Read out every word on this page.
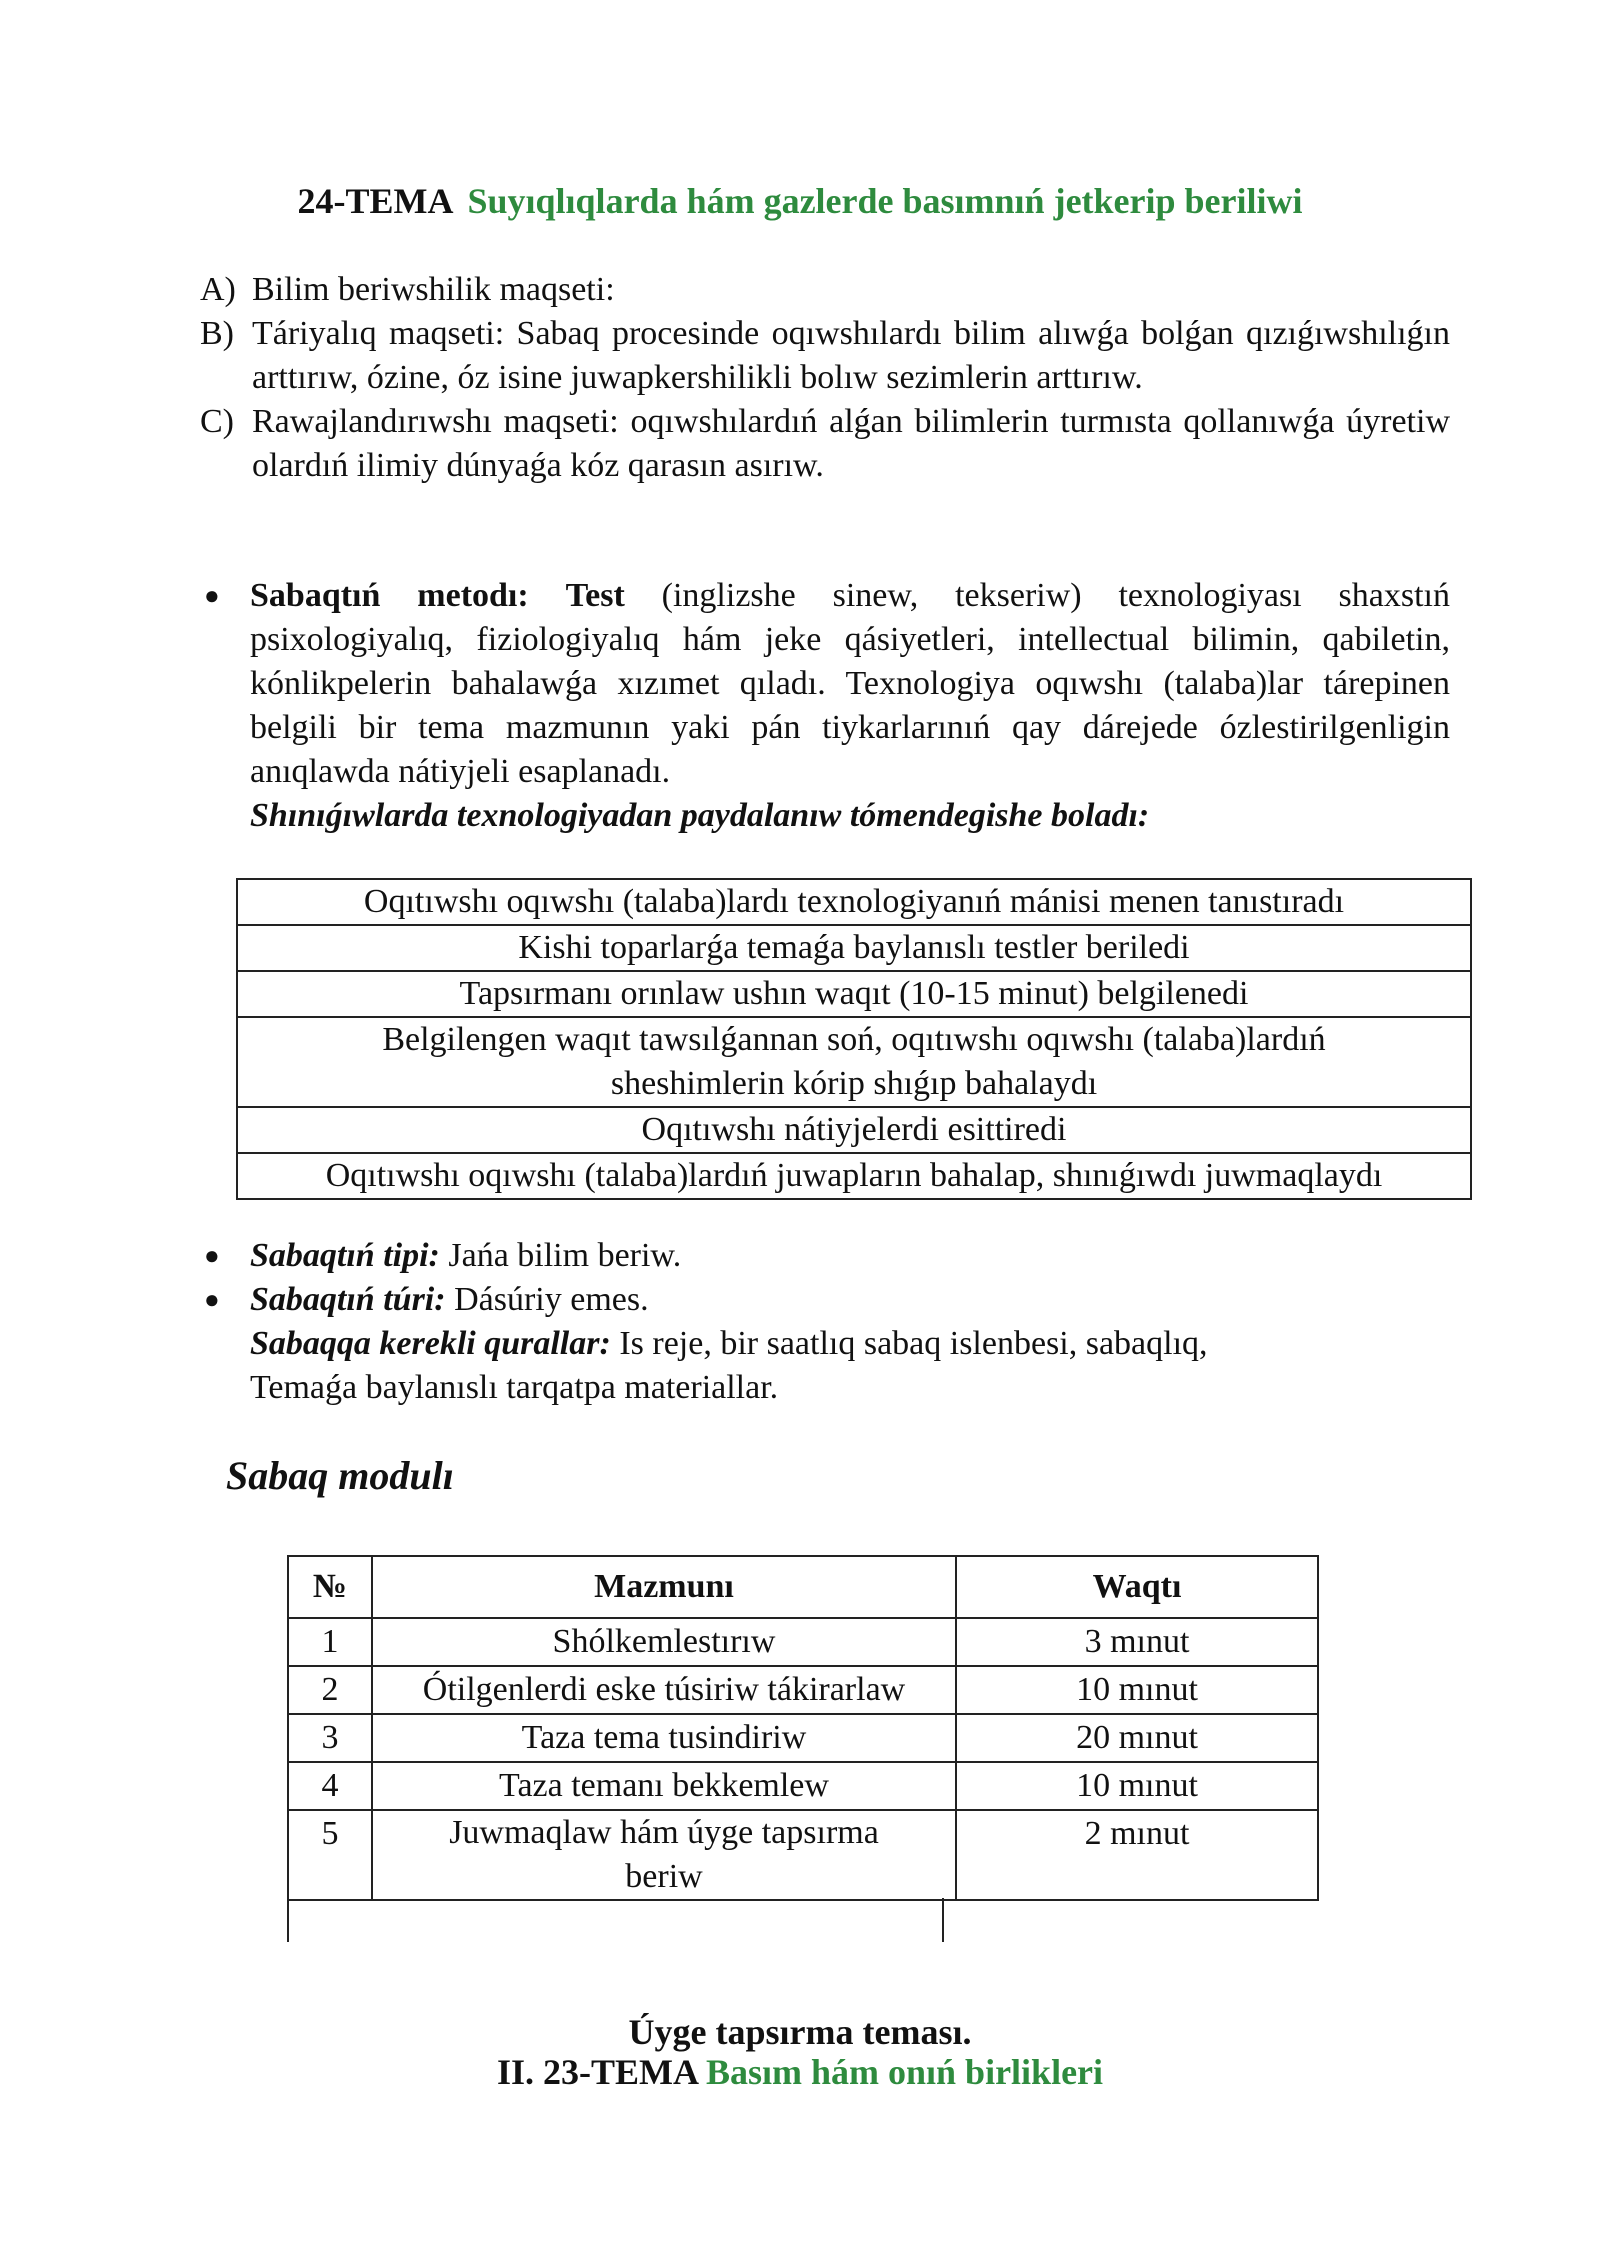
24-TEMA Suyıqlıqlarda hám gazlerde basımnıń jetkerip beriliwi
A) Bilim beriwshilik maqseti:
B) Táriyalıq maqseti: Sabaq procesinde oqıwshılardı bilim alıwǵa bolǵan qızıǵıwshılıǵın arttırıw, ózine, óz isine juwapkershilikli bolıw sezimlerin arttırıw.
C) Rawajlandırıwshı maqseti: oqıwshılardıń alǵan bilimlerin turmısta qollanıwǵa úyretiw olardıń ilimiy dúnyaǵa kóz qarasın asırıw.
● Sabaqtıń metodı: Test (inglizshe sinew, tekseriw) texnologiyası shaxstıń psixologiyalıq, fiziologiyalıq hám jeke qásiyetleri, intellectual bilimin, qabiletin, kónlikpelerin bahalawǵa xızımet qıladı. Texnologiya oqıwshı (talaba)lar tárepinen belgili bir tema mazmunın yaki pán tiykarlarınıń qay dárejede ózlestirilgenligin anıqlawda nátiyjeli esaplanadı.
Shınıǵıwlarda texnologiyadan paydalanıw tómendegishe boladı:
Oqıtıwshı oqıwshı (talaba)lardı texnologiyanıń mánisi menen tanıstıradı
Kishi toparlarǵa temaǵa baylanıslı testler beriledi
Tapsırmanı orınlaw ushın waqıt (10-15 minut) belgilenedi
Belgilengen waqıt tawsılǵannan soń, oqıtıwshı oqıwshı (talaba)lardıń sheshimlerin kórip shıǵıp bahalaydı
Oqıtıwshı nátiyjelerdi esittiredi
Oqıtıwshı oqıwshı (talaba)lardıń juwapların bahalap, shınıǵıwdı juwmaqlaydı
● Sabaqtıń tipi: Jańa bilim beriw.
● Sabaqtıń túri: Dásúriy emes.
Sabaqqa kerekli qurallar: Is reje, bir saatlıq sabaq islenbesi, sabaqlıq, Temaǵa baylanıslı tarqatpa materiallar.
Sabaq modulı
№	Mazmunı	Waqtı
1	Shólkemlestırıw	3 mınut
2	Ótilgenlerdi eske túsiriw tákirarlaw	10 mınut
3	Taza tema tusindiriw	20 mınut
4	Taza temanı bekkemlew	10 mınut
5	Juwmaqlaw hám úyge tapsırma beriw	2 mınut
Úyge tapsırma teması.
II. 23-TEMA Basım hám onıń birlikleri
